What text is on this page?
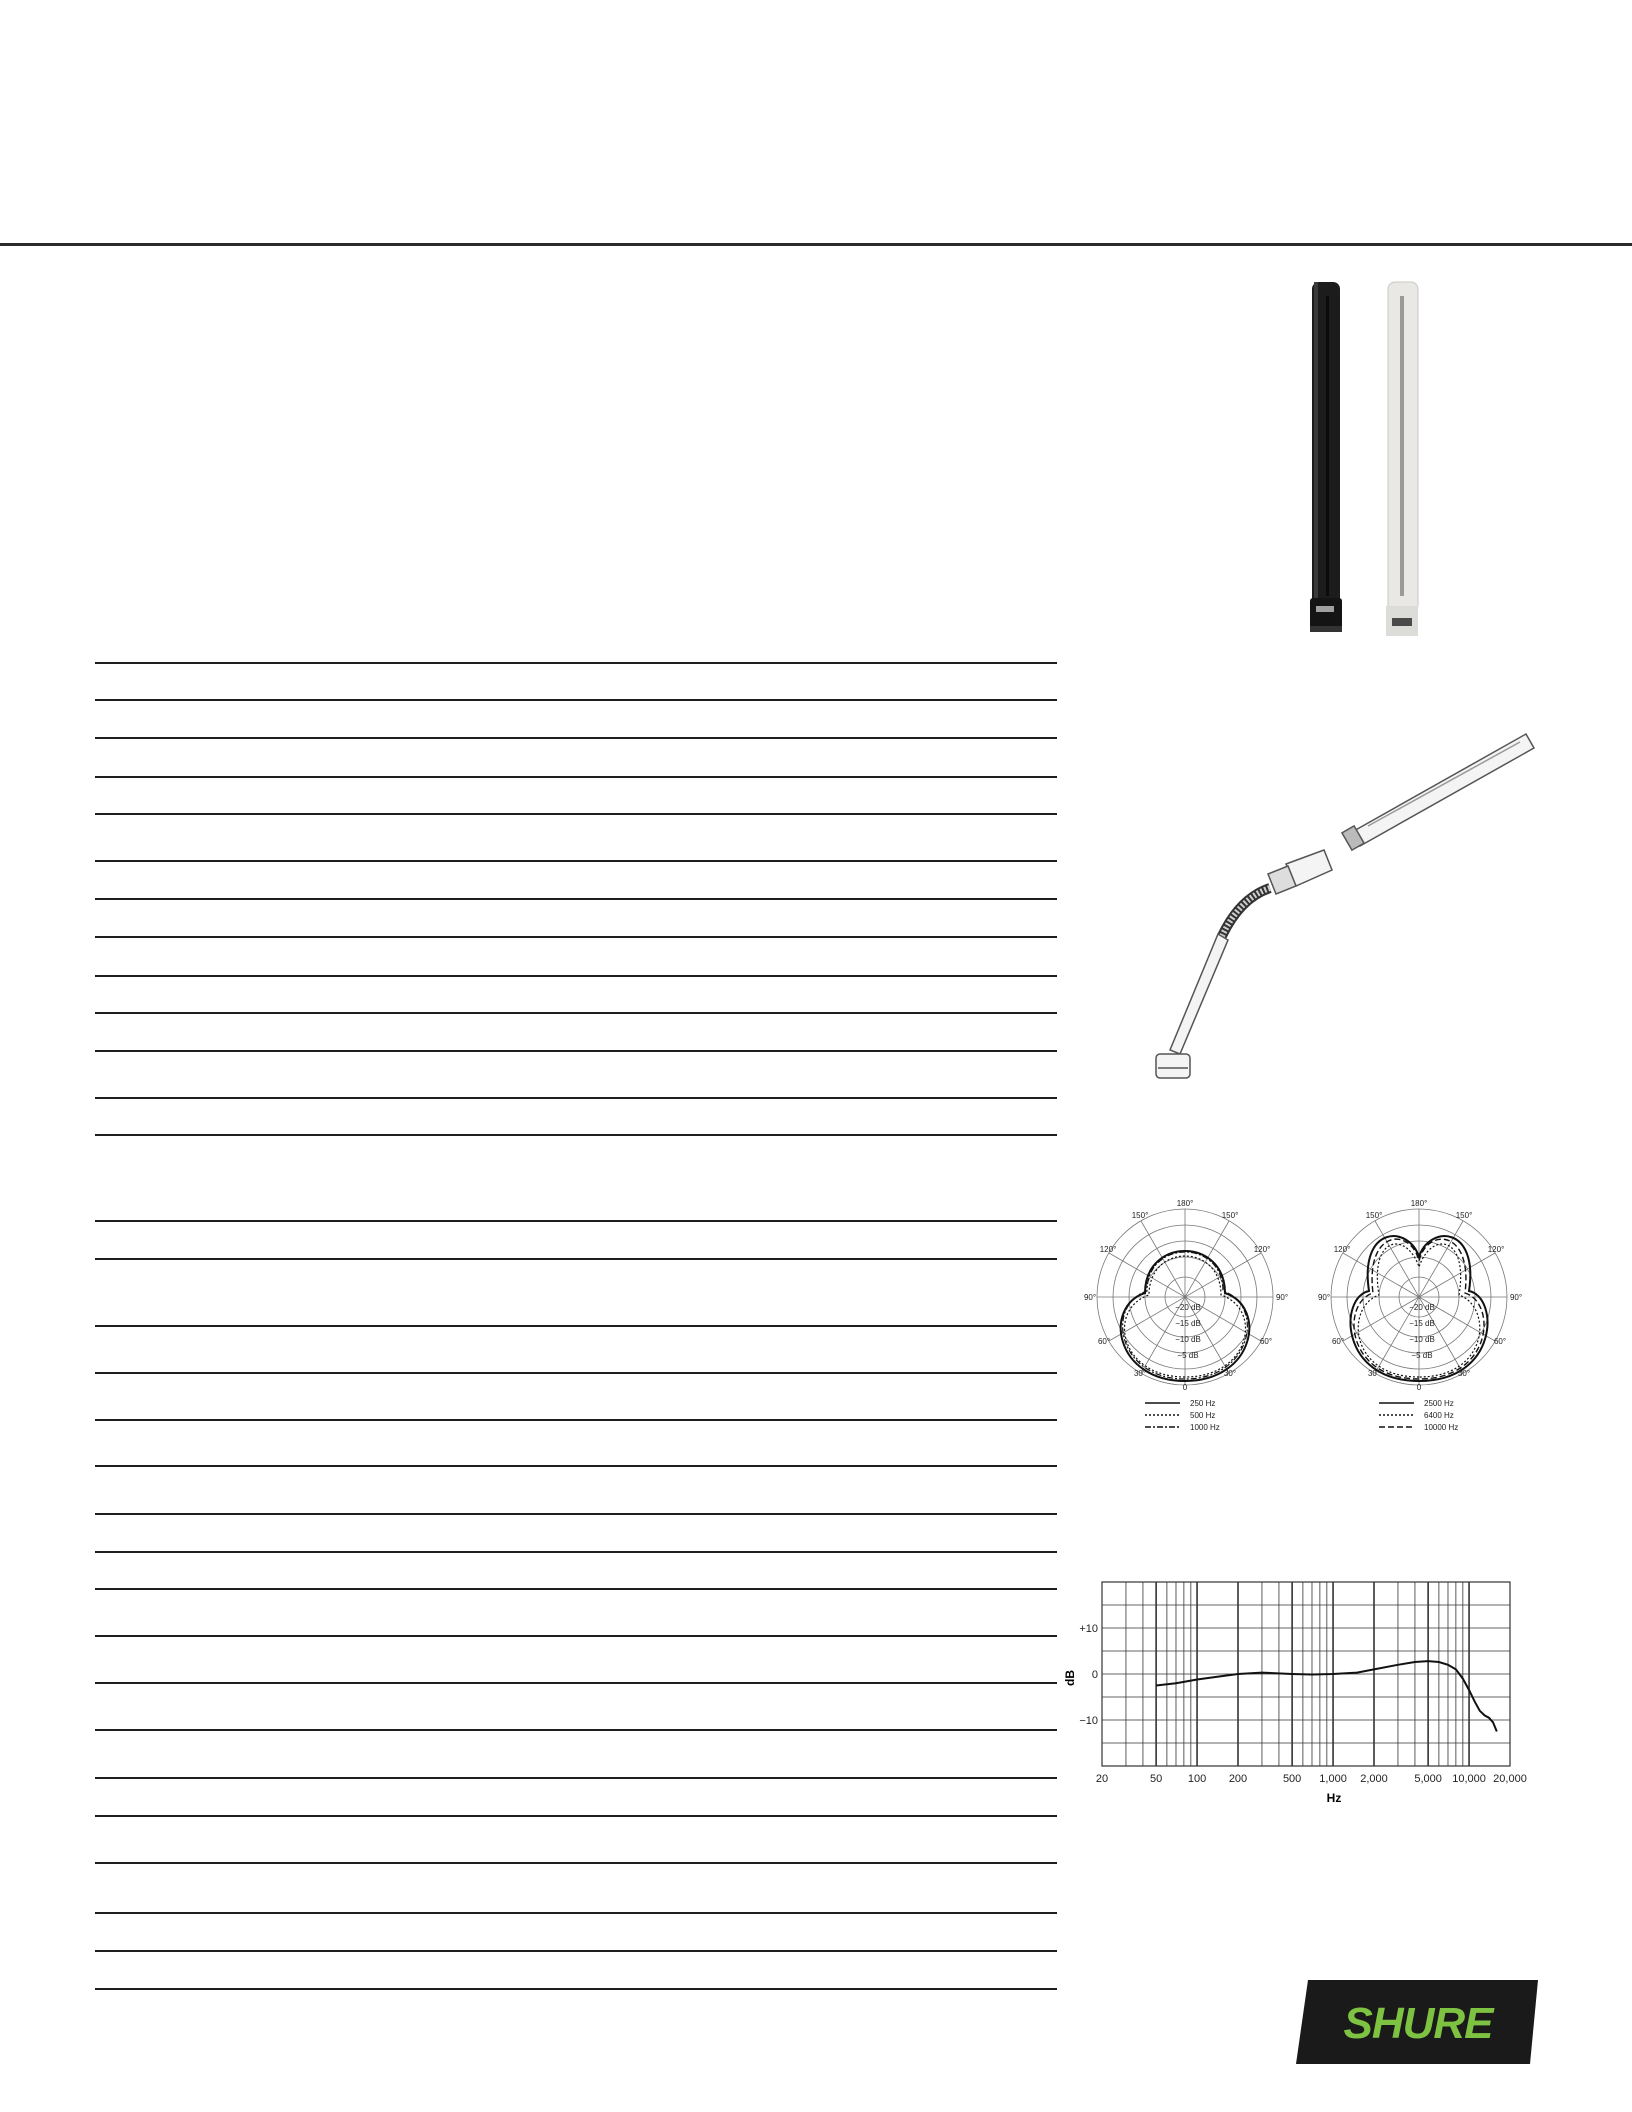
180°
150°	150°
120°	120°
90°	90°
60°	60°
30°	30°
0
−20 dB
−15 dB
−10 dB
−5 dB
250 Hz
500 Hz
1000 Hz
180°
150°	150°
120°	120°
90°	90°
60°	60°
30°	30°
0
−20 dB
−15 dB
−10 dB
−5 dB
2500 Hz
6400 Hz
10000 Hz
20	50 100 200	500 1,000 2,000 5,000 10,000 20,000
+10
0
−10
Hz
dB
SHURE
